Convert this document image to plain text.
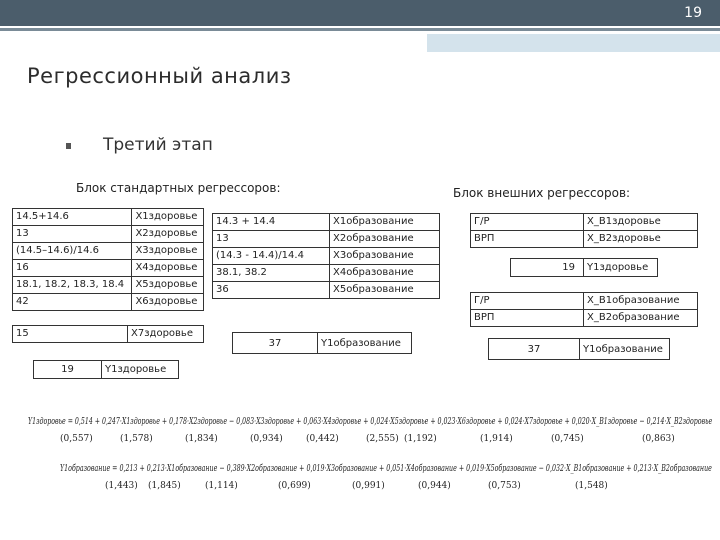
19
Регрессионный анализ
Третий этап
Блок стандартных регрессоров:	Блок внешних регрессоров:
14.5+14.6	Х1здоровье
13	Х2здоровье
(14.5–14.6)/14.6	Х3здоровье
16	Х4здоровье
18.1, 18.2, 18.3, 18.4	Х5здоровье
42	Х6здоровье
15	Х7здоровье
19	Y1здоровье
14.3 + 14.4	Х1образование
13	Х2образование
(14.3 - 14.4)/14.4	Х3образование
38.1, 38.2	Х4образование
36	Х5образование
37	Y1образование
Г/Р	X_B1здоровье
ВРП	X_B2здоровье
19	Y1здоровье
Г/Р	X_B1образование
ВРП	X_B2образование
37	Y1образование
Y1здоровье = 0,514 + 0,247·X1здоровье + 0,178·X2здоровье − 0,083·X3здоровье + 0,063·X4здоровье + 0,024·X5здоровье + 0,023·X6здоровье + 0,024·X7здоровье + 0,020·X_B1здоровье − 0,214·X_B2здоровье
(0,557)	(1,578)	(1,834)	(0,934)	(0,442)	(2,555) (1,192)	(1,914)	(0,745)	(0,863)
Y1образование = 0,213 + 0,213·X1образование − 0,389·X2образование + 0,019·X3образование + 0,051·X4образование + 0,019·X5образование − 0,032·X_B1образование + 0,213·X_B2образование
(1,443) (1,845)	(1,114)	(0,699)	(0,991)	(0,944)	(0,753)	(1,548)
